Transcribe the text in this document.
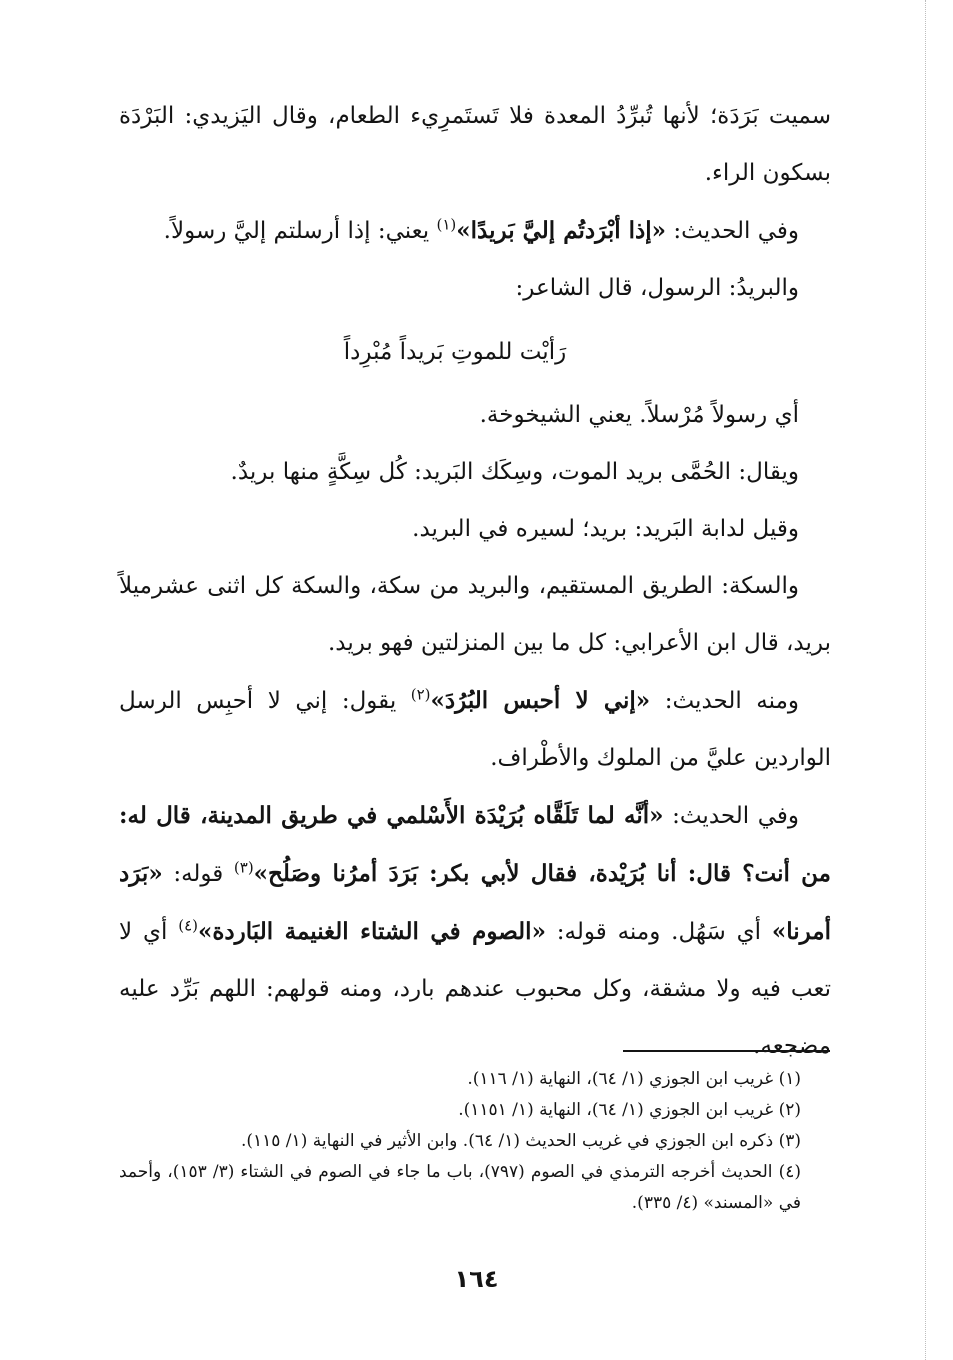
سميت بَرَدَة؛ لأنها تُبرِّدُ المعدة فلا تَستَمرِيء الطعام، وقال اليَزيدي: البَرْدَة بسكون الراء.

وفي الحديث: «إذا أبْرَدتُم إليَّ بَريدًا»$^{(١)}$ يعني: إذا أرسلتم إليَّ رسولاً.

والبريدُ: الرسول، قال الشاعر:

رَأيْت للموتِ بَريداً مُبْرِداً

أي رسولاً مُرْسلاً. يعني الشيخوخة.

ويقال: الحُمَّى بريد الموت، وسِكَك البَريد: كُل سِكَّةٍ منها بريدٌ.

وقيل لدابة البَريد: بريد؛ لسيره في البريد.

والسكة: الطريق المستقيم، والبريد من سكة، والسكة كل اثنى عشرميلاً بريد، قال ابن الأعرابي: كل ما بين المنزلتين فهو بريد.

ومنه الحديث: «إني لا أحبس البُرُدَ»$^{(٢)}$ يقول: إني لا أحبِس الرسل الواردين عليَّ من الملوك والأطْراف.

وفي الحديث: «أنَّه لما تَلَقَّاه بُرَيْدَة الأَسْلمي في طريق المدينة، قال له: من أنت؟ قال: أنا بُرَيْدة، فقال لأبي بكر: بَرَدَ أمرُنا وصَلُح»$^{(٣)}$ قوله: «بَرَد أمرنا» أي سَهُل. ومنه قوله: «الصوم في الشتاء الغنيمة البَاردة»$^{(٤)}$ أي لا تعب فيه ولا مشقة، وكل محبوب عندهم بارد، ومنه قولهم: اللهم بَرِّد عليه مضجعه.

(١) غريب ابن الجوزي (١/ ٦٤)، النهاية (١/ ١١٦).

(٢) غريب ابن الجوزي (١/ ٦٤)، النهاية (١/ ١١٥١).

(٣) ذكره ابن الجوزي في غريب الحديث (١/ ٦٤). وابن الأثير في النهاية (١/ ١١٥).

(٤) الحديث أخرجه الترمذي في الصوم (٧٩٧)، باب ما جاء في الصوم في الشتاء (٣/ ١٥٣)، وأحمد في «المسند» (٤/ ٣٣٥).

١٦٤
